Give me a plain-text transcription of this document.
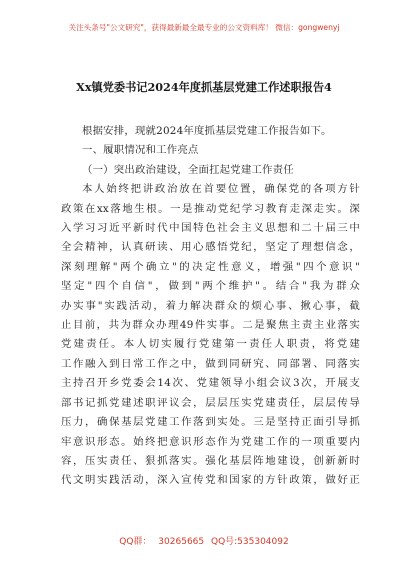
关注头条号"公文研究"，获得最新最全最专业的公文资料库！ 微信：gongwenyj
Xx镇党委书记2024年度抓基层党建工作述职报告4

根据安排，现就2024年度抓基层党建工作报告如下。

一、履职情况和工作亮点

（一）突出政治建设，全面扛起党建工作责任

本人始终把讲政治放在首要位置，确保党的各项方针

政策在xx落地生根。一是推动党纪学习教育走深走实。深

入学习习近平新时代中国特色社会主义思想和二十届三中

全会精神，认真研读、用心感悟党纪，坚定了理想信念，

深刻理解"两个确立"的决定性意义，增强"四个意识"

坚定"四个自信"，做到"两个维护"。结合"我为群众

办实事"实践活动，着力解决群众的烦心事、揪心事，截

止目前，共为群众办理49件实事。二是聚焦主责主业落实

党建责任。本人切实履行党建第一责任人职责，将党建

工作融入到日常工作之中，做到同研究、同部署、同落实

主持召开乡党委会14次、党建领导小组会议3次，开展支

部书记抓党建述职评议会，层层压实党建责任，层层传导

压力，确保基层党建工作落到实处。三是坚持正面引导抓

牢意识形态。始终把意识形态作为党建工作的一项重要内

容，压实责任、狠抓落实。强化基层阵地建设，创新新时

代文明实践活动，深入宣传党和国家的方针政策，做好正

QQ群： 30265665 QQ号:535304092
